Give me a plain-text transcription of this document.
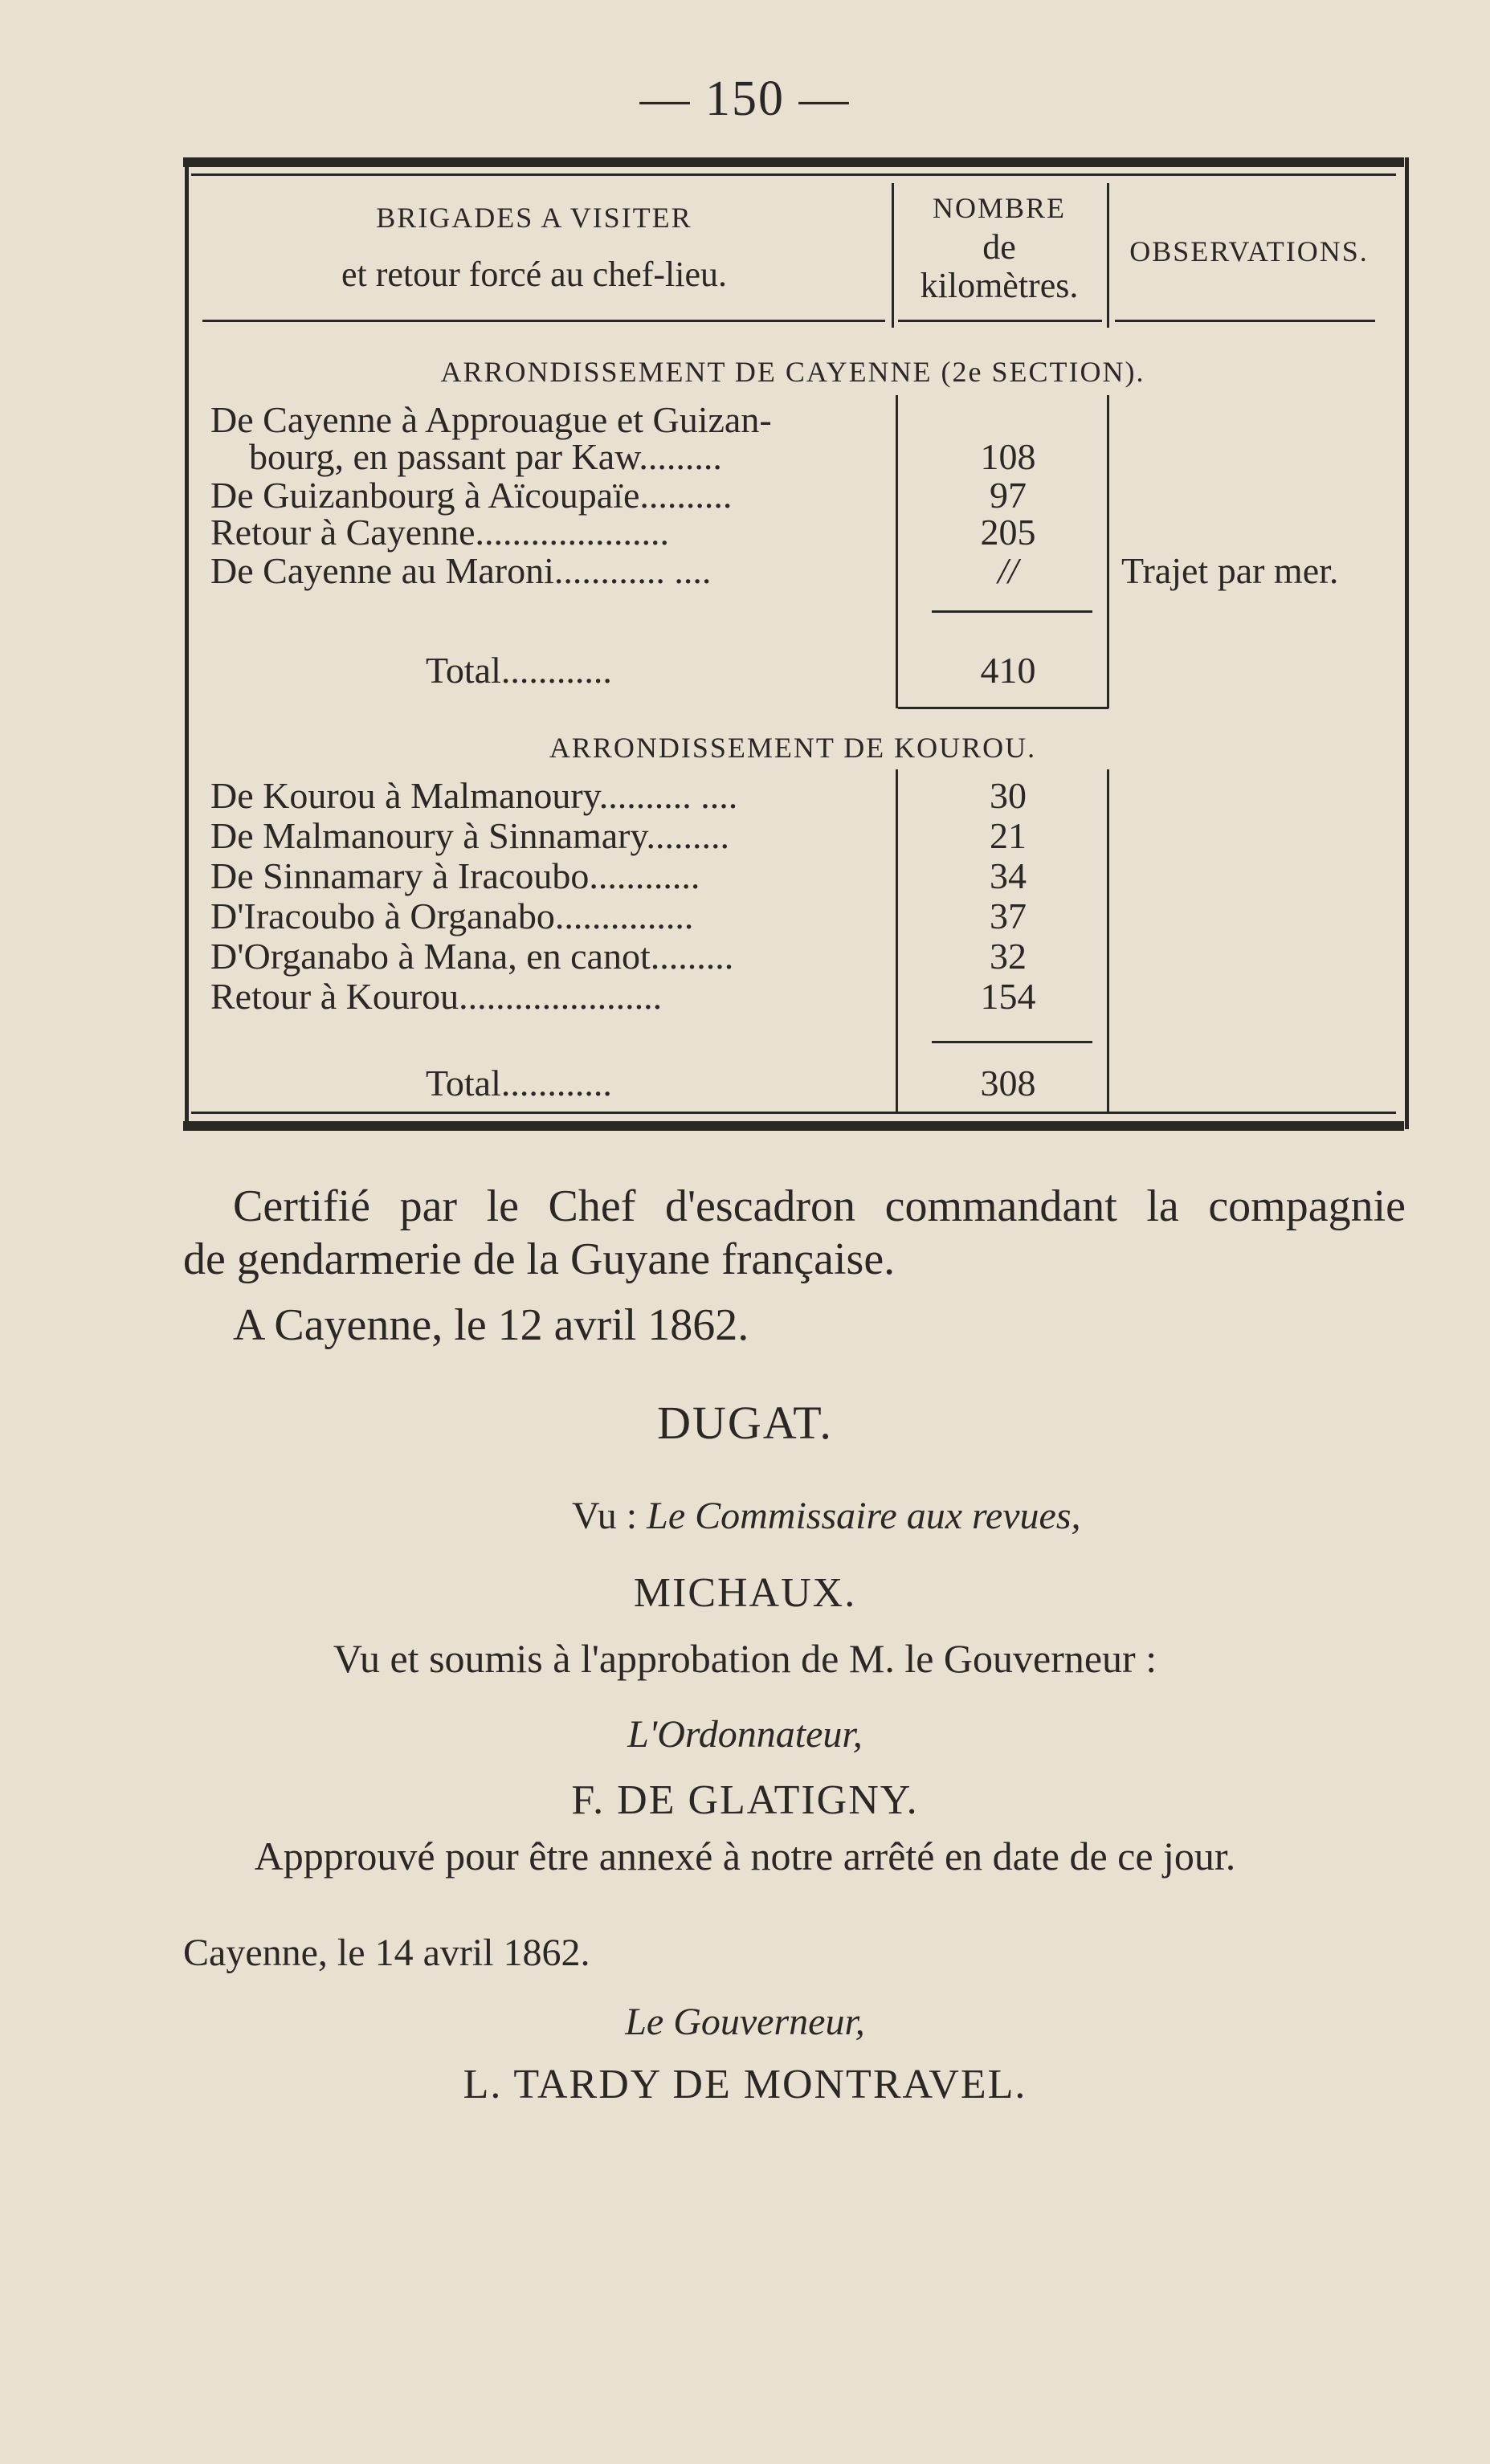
— 150 —
BRIGADES A VISITER
et retour forcé au chef-lieu.
NOMBRE
de
kilomètres.
OBSERVATIONS.
ARRONDISSEMENT DE CAYENNE (2e SECTION).
De Cayenne à Approuague et Guizan-
bourg, en passant par Kaw.........	108
De Guizanbourg à Aïcoupaïe..........	97
Retour à Cayenne.....................	205
De Cayenne au Maroni............ ....	//	Trajet par mer.
Total............	410
ARRONDISSEMENT DE KOUROU.
De Kourou à Malmanoury.......... ....	30
De Malmanoury à Sinnamary.........	21
De Sinnamary à Iracoubo............	34
D'Iracoubo à Organabo...............	37
D'Organabo à Mana, en canot.........	32
Retour à Kourou......................	154
Total............	308
Certifié par le Chef d'escadron commandant la compagnie
de gendarmerie de la Guyane française.
A Cayenne, le 12 avril 1862.
DUGAT.
Vu : Le Commissaire aux revues,
MICHAUX.
Vu et soumis à l'approbation de M. le Gouverneur :
L'Ordonnateur,
F. DE GLATIGNY.
Appprouvé pour être annexé à notre arrêté en date de ce jour.
Cayenne, le 14 avril 1862.
Le Gouverneur,
L. TARDY DE MONTRAVEL.
